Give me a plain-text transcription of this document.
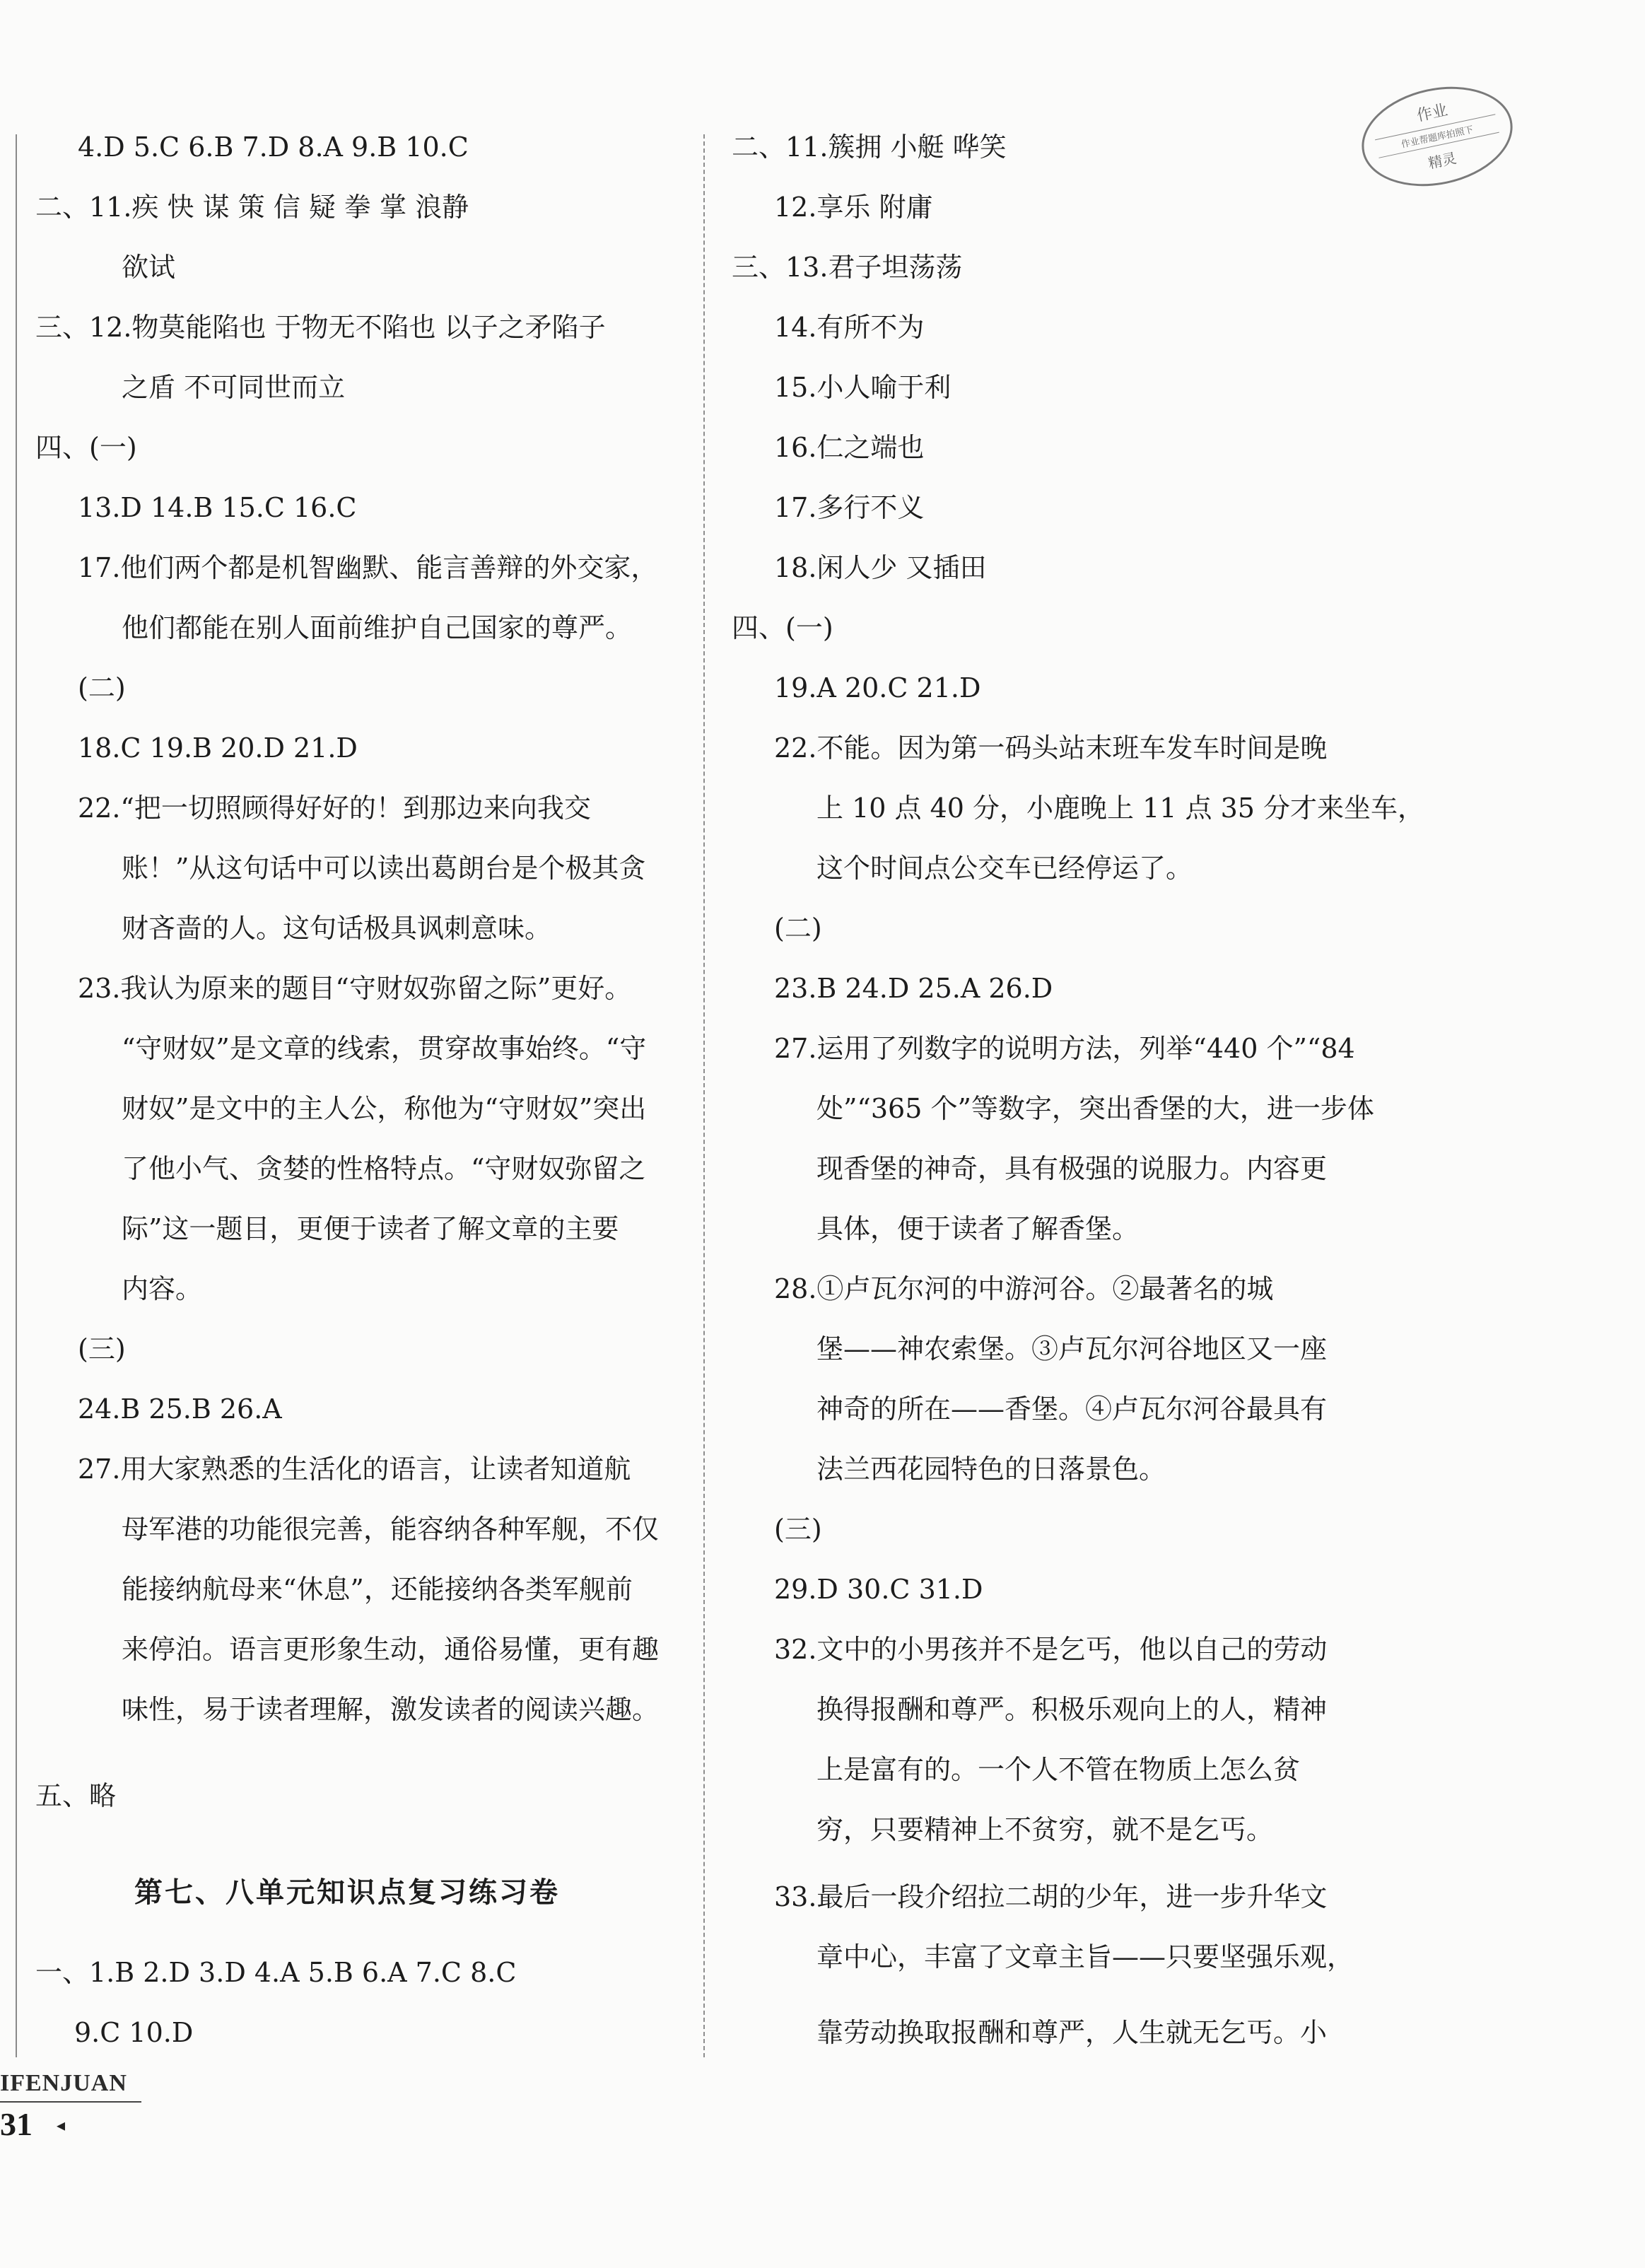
4.D 5.C 6.B 7.D 8.A 9.B 10.C
二、11.疾 快 谋 策 信 疑 拳 掌 浪静
欲试
三、12.物莫能陷也 于物无不陷也 以子之矛陷子
之盾 不可同世而立
四、(一)
13.D 14.B 15.C 16.C
17.他们两个都是机智幽默、能言善辩的外交家，
他们都能在别人面前维护自己国家的尊严。
(二)
18.C 19.B 20.D 21.D
22.“把一切照顾得好好的！到那边来向我交
账！”从这句话中可以读出葛朗台是个极其贪
财吝啬的人。这句话极具讽刺意味。
23.我认为原来的题目“守财奴弥留之际”更好。
“守财奴”是文章的线索，贯穿故事始终。“守
财奴”是文中的主人公，称他为“守财奴”突出
了他小气、贪婪的性格特点。“守财奴弥留之
际”这一题目，更便于读者了解文章的主要
内容。
(三)
24.B 25.B 26.A
27.用大家熟悉的生活化的语言，让读者知道航
母军港的功能很完善，能容纳各种军舰，不仅
能接纳航母来“休息”，还能接纳各类军舰前
来停泊。语言更形象生动，通俗易懂，更有趣
味性，易于读者理解，激发读者的阅读兴趣。
五、略
第七、八单元知识点复习练习卷
一、1.B 2.D 3.D 4.A 5.B 6.A 7.C 8.C
9.C 10.D
二、11.簇拥 小艇 哗笑
12.享乐 附庸
三、13.君子坦荡荡
14.有所不为
15.小人喻于利
16.仁之端也
17.多行不义
18.闲人少 又插田
四、(一)
19.A 20.C 21.D
22.不能。因为第一码头站末班车发车时间是晚
上 10 点 40 分，小鹿晚上 11 点 35 分才来坐车，
这个时间点公交车已经停运了。
(二)
23.B 24.D 25.A 26.D
27.运用了列数字的说明方法，列举“440 个”“84
处”“365 个”等数字，突出香堡的大，进一步体
现香堡的神奇，具有极强的说服力。内容更
具体，便于读者了解香堡。
28.①卢瓦尔河的中游河谷。②最著名的城
堡——神农索堡。③卢瓦尔河谷地区又一座
神奇的所在——香堡。④卢瓦尔河谷最具有
法兰西花园特色的日落景色。
(三)
29.D 30.C 31.D
32.文中的小男孩并不是乞丐，他以自己的劳动
换得报酬和尊严。积极乐观向上的人，精神
上是富有的。一个人不管在物质上怎么贫
穷，只要精神上不贫穷，就不是乞丐。
33.最后一段介绍拉二胡的少年，进一步升华文
章中心，丰富了文章主旨——只要坚强乐观，
靠劳动换取报酬和尊严，人生就无乞丐。小
作业
作业帮题库拍照下
精灵
IFENJUAN
31 ◂
